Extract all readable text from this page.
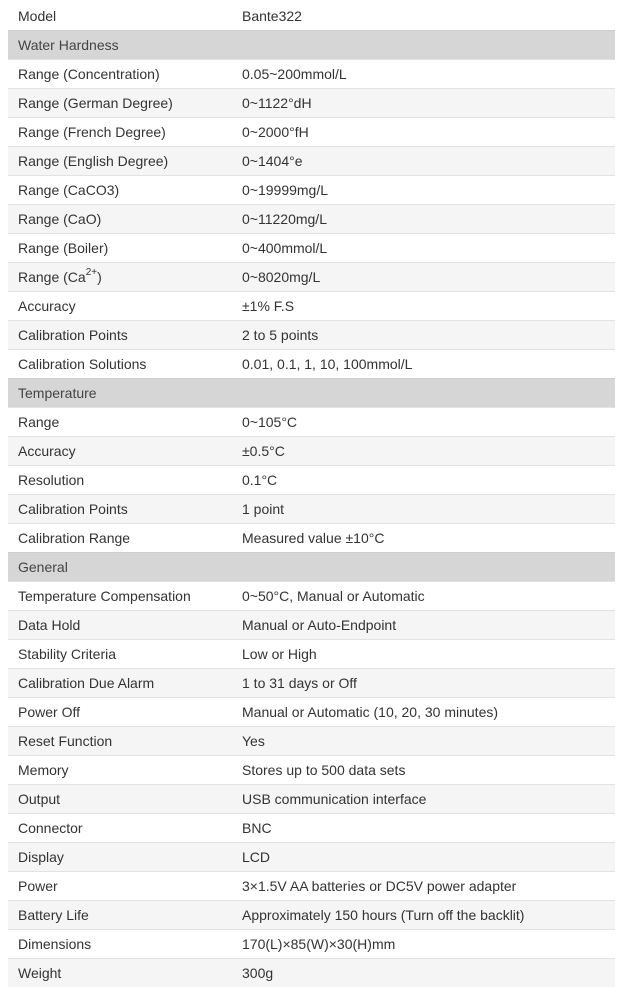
Model	Bante322
Water Hardness	
Range (Concentration)	0.05~200mmol/L
Range (German Degree)	0~1122°dH
Range (French Degree)	0~2000°fH
Range (English Degree)	0~1404°e
Range (CaCO3)	0~19999mg/L
Range (CaO)	0~11220mg/L
Range (Boiler)	0~400mmol/L
Range $(Ca^{2+})$	0~8020mg/L
Accuracy	±1% F.S
Calibration Points	2 to 5 points
Calibration Solutions	0.01, 0.1, 1, 10, 100mmol/L
Temperature	
Range	0~105°C
Accuracy	±0.5°C
Resolution	0.1°C
Calibration Points	1 point
Calibration Range	Measured value ±10°C
General	
Temperature Compensation	0~50°C, Manual or Automatic
Data Hold	Manual or Auto-Endpoint
Stability Criteria	Low or High
Calibration Due Alarm	1 to 31 days or Off
Power Off	Manual or Automatic (10, 20, 30 minutes)
Reset Function	Yes
Memory	Stores up to 500 data sets
Output	USB communication interface
Connector	BNC
Display	LCD
Power	3×1.5V AA batteries or DC5V power adapter
Battery Life	Approximately 150 hours (Turn off the backlit)
Dimensions	170(L)×85(W)×30(H)mm
Weight	300g
